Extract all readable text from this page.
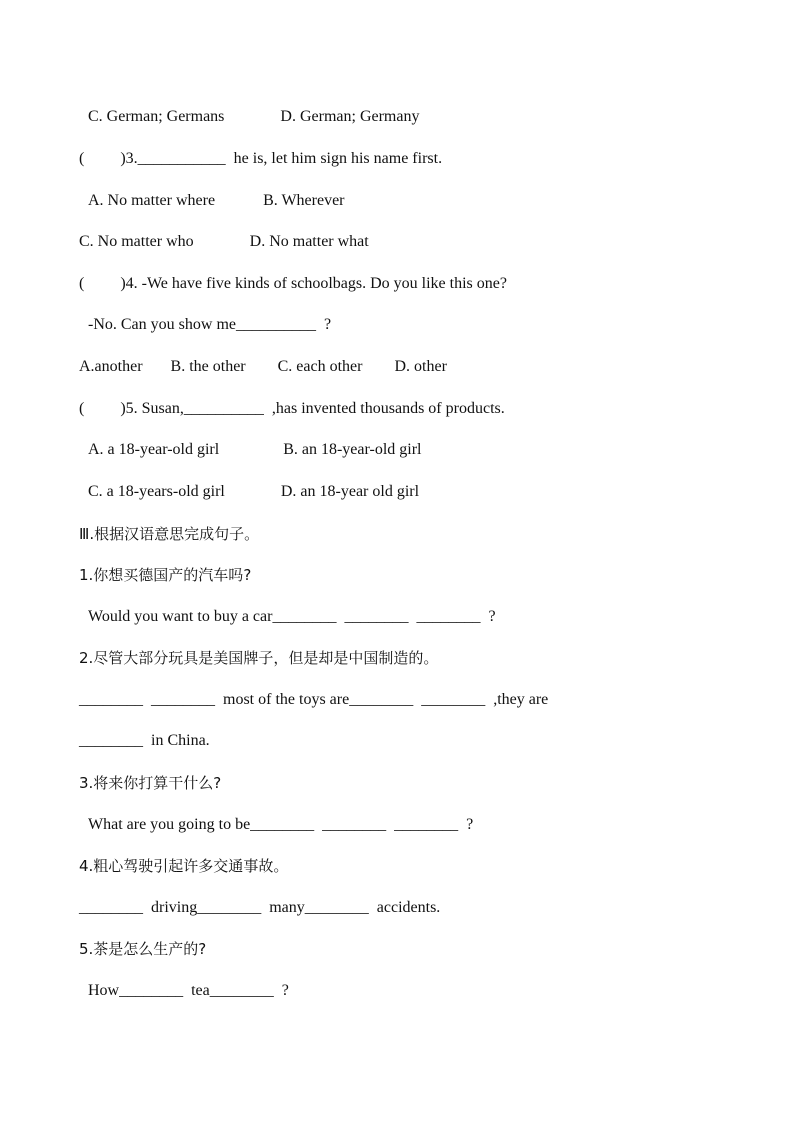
C. German; Germans              D. German; Germany
(         )3.___________  he is, let him sign his name first.
A. No matter where            B. Wherever
C. No matter who              D. No matter what
(         )4. -We have five kinds of schoolbags. Do you like this one?
-No. Can you show me__________  ?
A.another       B. the other        C. each other        D. other
(         )5. Susan,__________  ,has invented thousands of products.
A. a 18-year-old girl                B. an 18-year-old girl
C. a 18-years-old girl              D. an 18-year old girl
Ⅲ.根据汉语意思完成句子。
1.你想买德国产的汽车吗?
Would you want to buy a car________  ________  ________  ?
2.尽管大部分玩具是美国牌子，但是却是中国制造的。
________  ________  most of the toys are________  ________  ,they are
________  in China.
3.将来你打算干什么?
What are you going to be________  ________  ________  ?
4.粗心驾驶引起许多交通事故。
________  driving________  many________  accidents.
5.茶是怎么生产的?
How________  tea________  ?
